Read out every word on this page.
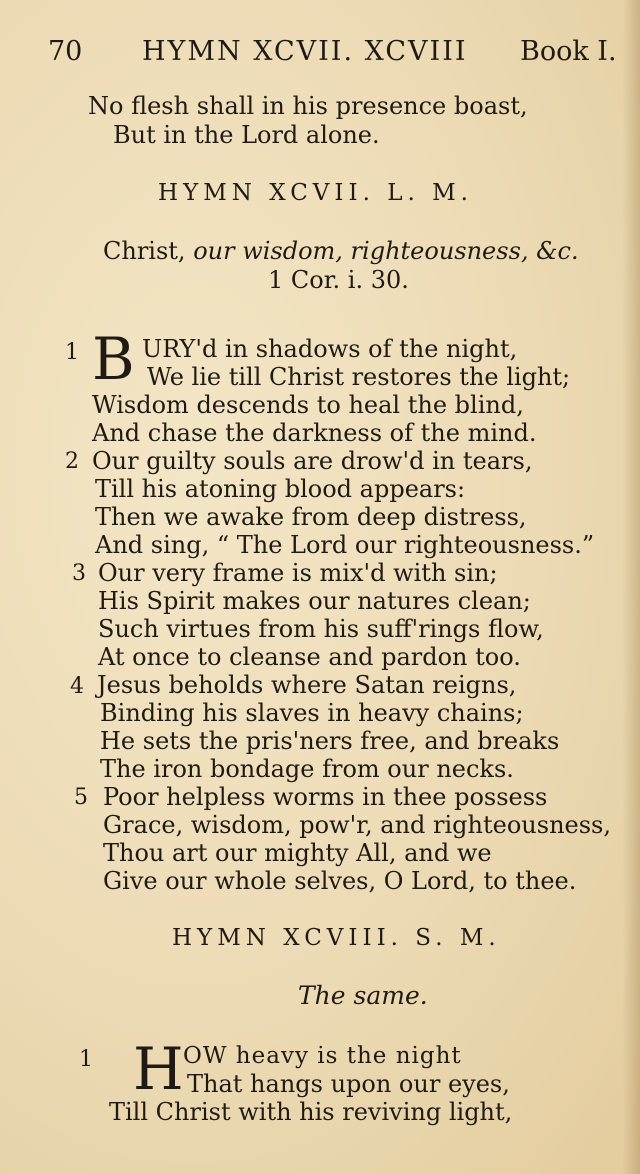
70 HYMN XCVII. XCVIII Book I.
No flesh shall in his presence boast,
But in the Lord alone.
HYMN XCVII. L. M.
Christ, our wisdom, righteousness, &c.
1 Cor. i. 30.
1 B URY'd in shadows of the night,
We lie till Christ restores the light;
Wisdom descends to heal the blind,
And chase the darkness of the mind.
2 Our guilty souls are drow'd in tears,
Till his atoning blood appears:
Then we awake from deep distress,
And sing, “ The Lord our righteousness.”
3 Our very frame is mix'd with sin;
His Spirit makes our natures clean;
Such virtues from his suff'rings flow,
At once to cleanse and pardon too.
4 Jesus beholds where Satan reigns,
Binding his slaves in heavy chains;
He sets the pris'ners free, and breaks
The iron bondage from our necks.
5 Poor helpless worms in thee possess
Grace, wisdom, pow'r, and righteousness,
Thou art our mighty All, and we
Give our whole selves, O Lord, to thee.
HYMN XCVIII. S. M.
The same.
1 H OW heavy is the night
That hangs upon our eyes,
Till Christ with his reviving light,
